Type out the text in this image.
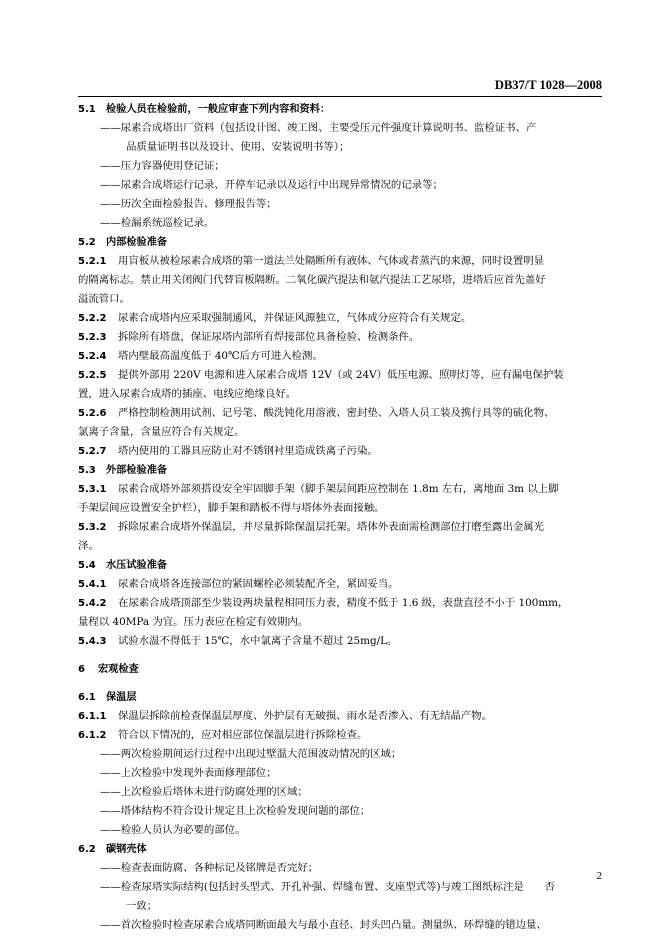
DB37/T 1028—2008
5.1 检验人员在检验前，一般应审查下列内容和资料：
——尿素合成塔出厂资料（包括设计图、竣工图、主要受压元件强度计算说明书、监检证书、产
品质量证明书以及设计、使用、安装说明书等）；
——压力容器使用登记证；
——尿素合成塔运行记录、开停车记录以及运行中出现异常情况的记录等；
——历次全面检验报告、修理报告等；
——检漏系统巡检记录。
5.2 内部检验准备
5.2.1 用盲板从被检尿素合成塔的第一道法兰处隔断所有液体、气体或者蒸汽的来源，同时设置明显
的隔离标志。禁止用关闭阀门代替盲板隔断。二氧化碳汽提法和氨汽提法工艺尿塔，进塔后应首先盖好
溢流管口。
5.2.2 尿素合成塔内应采取强制通风，并保证风源独立，气体成分应符合有关规定。
5.2.3 拆除所有塔盘，保证尿塔内部所有焊接部位具备检验、检测条件。
5.2.4 塔内壁最高温度低于 40℃后方可进入检测。
5.2.5 提供外部用 220V 电源和进入尿素合成塔 12V（或 24V）低压电源、照明灯等，应有漏电保护装
置，进入尿素合成塔的插座、电线应绝缘良好。
5.2.6 严格控制检测用试剂、记号笔、酸洗钝化用溶液、密封垫、入塔人员工装及携行具等的硫化物、
氯离子含量，含量应符合有关规定。
5.2.7 塔内使用的工器具应防止对不锈钢衬里造成铁离子污染。
5.3 外部检验准备
5.3.1 尿素合成塔外部须搭设安全牢固脚手架（脚手架层间距应控制在 1.8m 左右，离地面 3m 以上脚
手架层间应设置安全护栏），脚手架和踏板不得与塔体外表面接触。
5.3.2 拆除尿素合成塔外保温层，并尽量拆除保温层托架。塔体外表面需检测部位打磨至露出金属光
泽。
5.4 水压试验准备
5.4.1 尿素合成塔各连接部位的紧固螺栓必须装配齐全，紧固妥当。
5.4.2 在尿素合成塔顶部至少装设两块量程相同压力表，精度不低于 1.6 级，表盘直径不小于 100mm，
量程以 40MPa 为宜。压力表应在检定有效期内。
5.4.3 试验水温不得低于 15℃，水中氯离子含量不超过 25mg/L。
6 宏观检查
6.1 保温层
6.1.1 保温层拆除前检查保温层厚度、外护层有无破损、雨水是否渗入、有无结晶产物。
6.1.2 符合以下情况的，应对相应部位保温层进行拆除检查。
——两次检验期间运行过程中出现过壁温大范围波动情况的区域；
——上次检验中发现外表面修理部位；
——上次检验后塔体未进行防腐处理的区域；
——塔体结构不符合设计规定且上次检验发现问题的部位；
——检验人员认为必要的部位。
6.2 碳钢壳体
——检查表面防腐、各种标记及铭牌是否完好；
——检查尿塔实际结构(包括封头型式、开孔补强、焊缝布置、支座型式等)与竣工图纸标注是　　否
一致；
——首次检验时检查尿素合成塔同断面最大与最小直径、封头凹凸量。测量纵、环焊缝的错边量、
2
